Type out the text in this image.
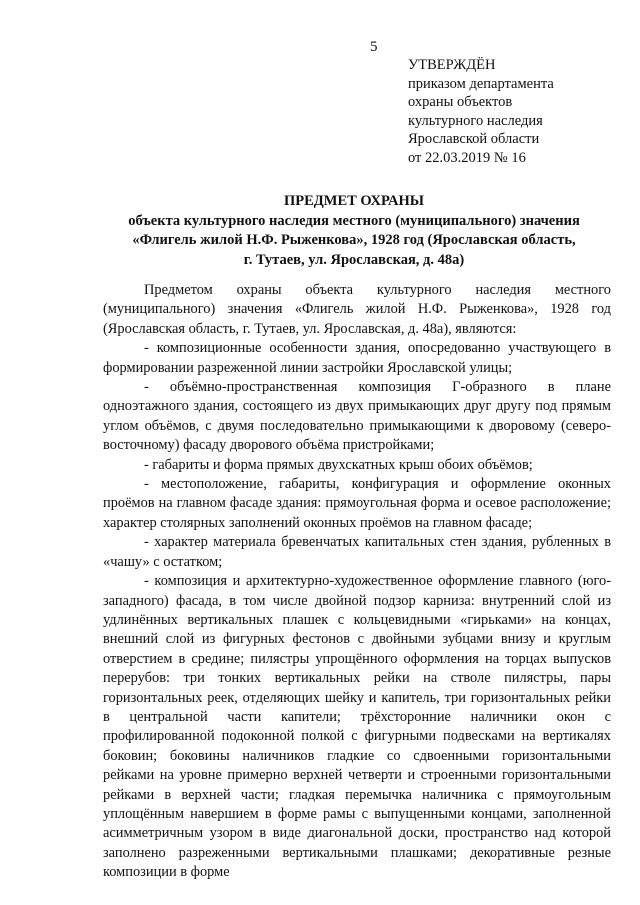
5
УТВЕРЖДЁН
приказом департамента
охраны объектов
культурного наследия
Ярославской области
от 22.03.2019 № 16
ПРЕДМЕТ ОХРАНЫ
объекта культурного наследия местного (муниципального) значения
«Флигель жилой Н.Ф. Рыженкова», 1928 год (Ярославская область,
г. Тутаев, ул. Ярославская, д. 48а)

Предметом охраны объекта культурного наследия местного (муниципального) значения «Флигель жилой Н.Ф. Рыженкова», 1928 год (Ярославская область, г. Тутаев, ул. Ярославская, д. 48а), являются:

- композиционные особенности здания, опосредованно участвующего в формировании разреженной линии застройки Ярославской улицы;

- объёмно-пространственная композиция Г-образного в плане одноэтажного здания, состоящего из двух примыкающих друг другу под прямым углом объёмов, с двумя последовательно примыкающими к дворовому (северо-восточному) фасаду дворового объёма пристройками;

- габариты и форма прямых двухскатных крыш обоих объёмов;

- местоположение, габариты, конфигурация и оформление оконных проёмов на главном фасаде здания: прямоугольная форма и осевое расположение; характер столярных заполнений оконных проёмов на главном фасаде;

- характер материала бревенчатых капитальных стен здания, рубленных в «чашу» с остатком;

- композиция и архитектурно-художественное оформление главного (юго-западного) фасада, в том числе двойной подзор карниза: внутренний слой из удлинённых вертикальных плашек с кольцевидными «гирьками» на концах, внешний слой из фигурных фестонов с двойными зубцами внизу и круглым отверстием в средине; пилястры упрощённого оформления на торцах выпусков перерубов: три тонких вертикальных рейки на стволе пилястры, пары горизонтальных реек, отделяющих шейку и капитель, три горизонтальных рейки в центральной части капители; трёхсторонние наличники окон с профилированной подоконной полкой с фигурными подвесками на вертикалях боковин; боковины наличников гладкие со сдвоенными горизонтальными рейками на уровне примерно верхней четверти и строенными горизонтальными рейками в верхней части; гладкая перемычка наличника с прямоугольным уплощённым навершием в форме рамы с выпущенными концами, заполненной асимметричным узором в виде диагональной доски, пространство над которой заполнено разреженными вертикальными плашками; декоративные резные композиции в форме
